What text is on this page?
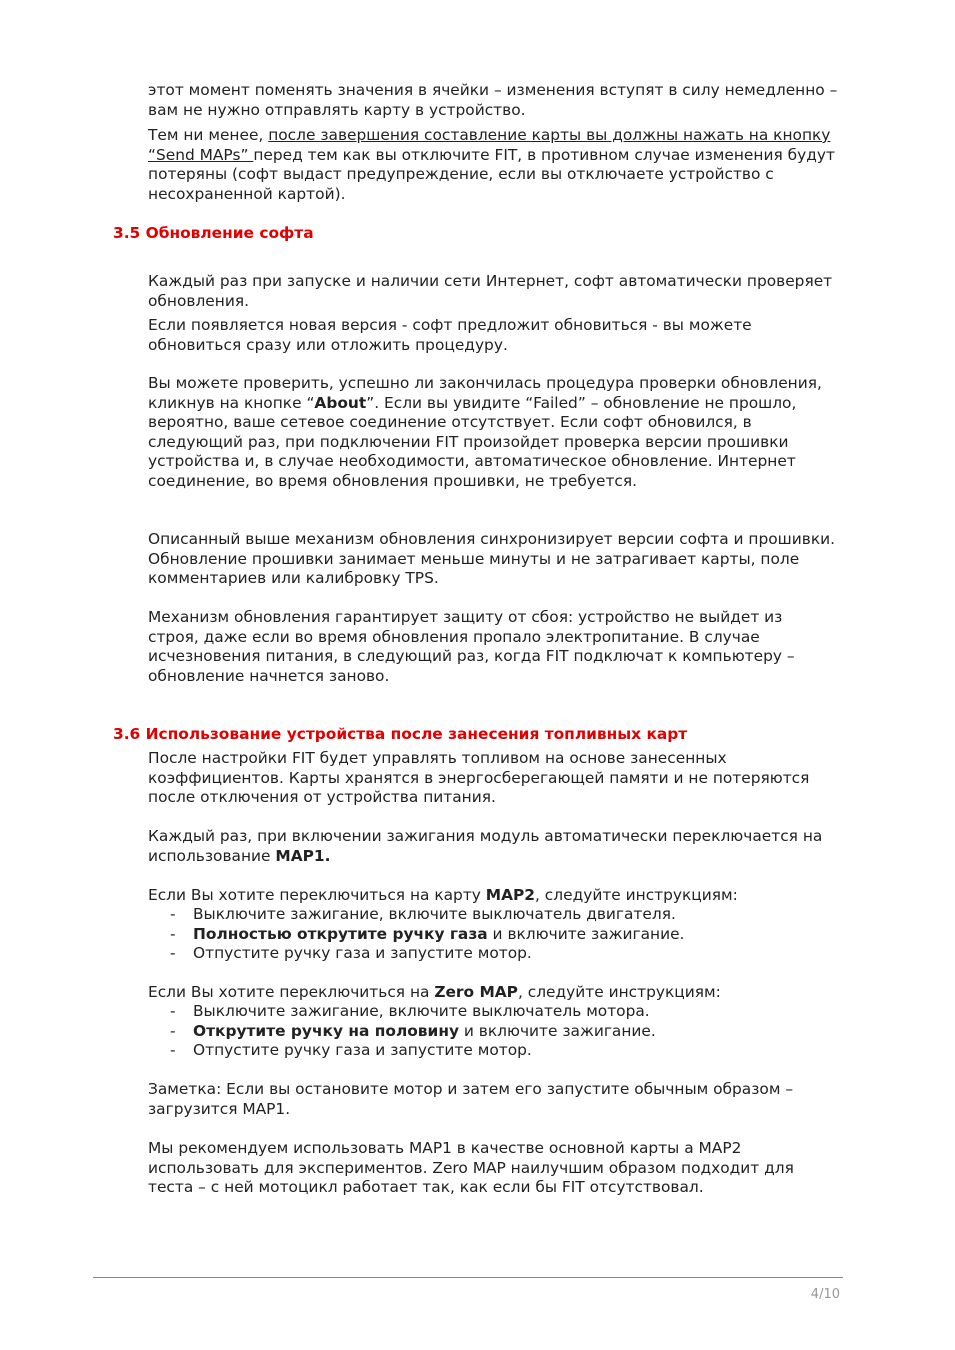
этот момент поменять значения в ячейки – изменения вступят в силу немедленно – вам не нужно отправлять карту в устройство.

Тем ни менее, после завершения составление карты вы должны нажать на кнопку “Send MAPs” перед тем как вы отключите FIT, в противном случае изменения будут потеряны (софт выдаст предупреждение, если вы отключаете устройство с несохраненной картой).

3.5 Обновление софта

Каждый раз при запуске и наличии сети Интернет, софт автоматически проверяет обновления.

Если появляется новая версия - софт предложит обновиться - вы можете обновиться сразу или отложить процедуру.

Вы можете проверить, успешно ли закончилась процедура проверки обновления, кликнув на кнопке “About”. Если вы увидите “Failed” – обновление не прошло, вероятно, ваше сетевое соединение отсутствует. Если софт обновился, в следующий раз, при подключении FIT произойдет проверка версии прошивки устройства и, в случае необходимости, автоматическое обновление. Интернет соединение, во время обновления прошивки, не требуется.

Описанный выше механизм обновления синхронизирует версии софта и прошивки. Обновление прошивки занимает меньше минуты и не затрагивает карты, поле комментариев или калибровку TPS.

Механизм обновления гарантирует защиту от сбоя: устройство не выйдет из строя, даже если во время обновления пропало электропитание. В случае исчезновения питания, в следующий раз, когда FIT подключат к компьютеру – обновление начнется заново.

3.6 Использование устройства после занесения топливных карт

После настройки FIT будет управлять топливом на основе занесенных коэффициентов. Карты хранятся в энергосберегающей памяти и не потеряются после отключения от устройства питания.

Каждый раз, при включении зажигания модуль автоматически переключается на использование MAP1.

Если Вы хотите переключиться на карту MAP2, следуйте инструкциям:

- Выключите зажигание, включите выключатель двигателя.
- Полностью открутите ручку газа и включите зажигание.
- Отпустите ручку газа и запустите мотор.

Если Вы хотите переключиться на Zero MAP, следуйте инструкциям:

- Выключите зажигание, включите выключатель мотора.
- Открутите ручку на половину и включите зажигание.
- Отпустите ручку газа и запустите мотор.

Заметка: Если вы остановите мотор и затем его запустите обычным образом – загрузится MAP1.

Мы рекомендуем использовать MAP1 в качестве основной карты а MAP2 использовать для экспериментов. Zero MAP наилучшим образом подходит для теста – с ней мотоцикл работает так, как если бы FIT отсутствовал.

4/10
